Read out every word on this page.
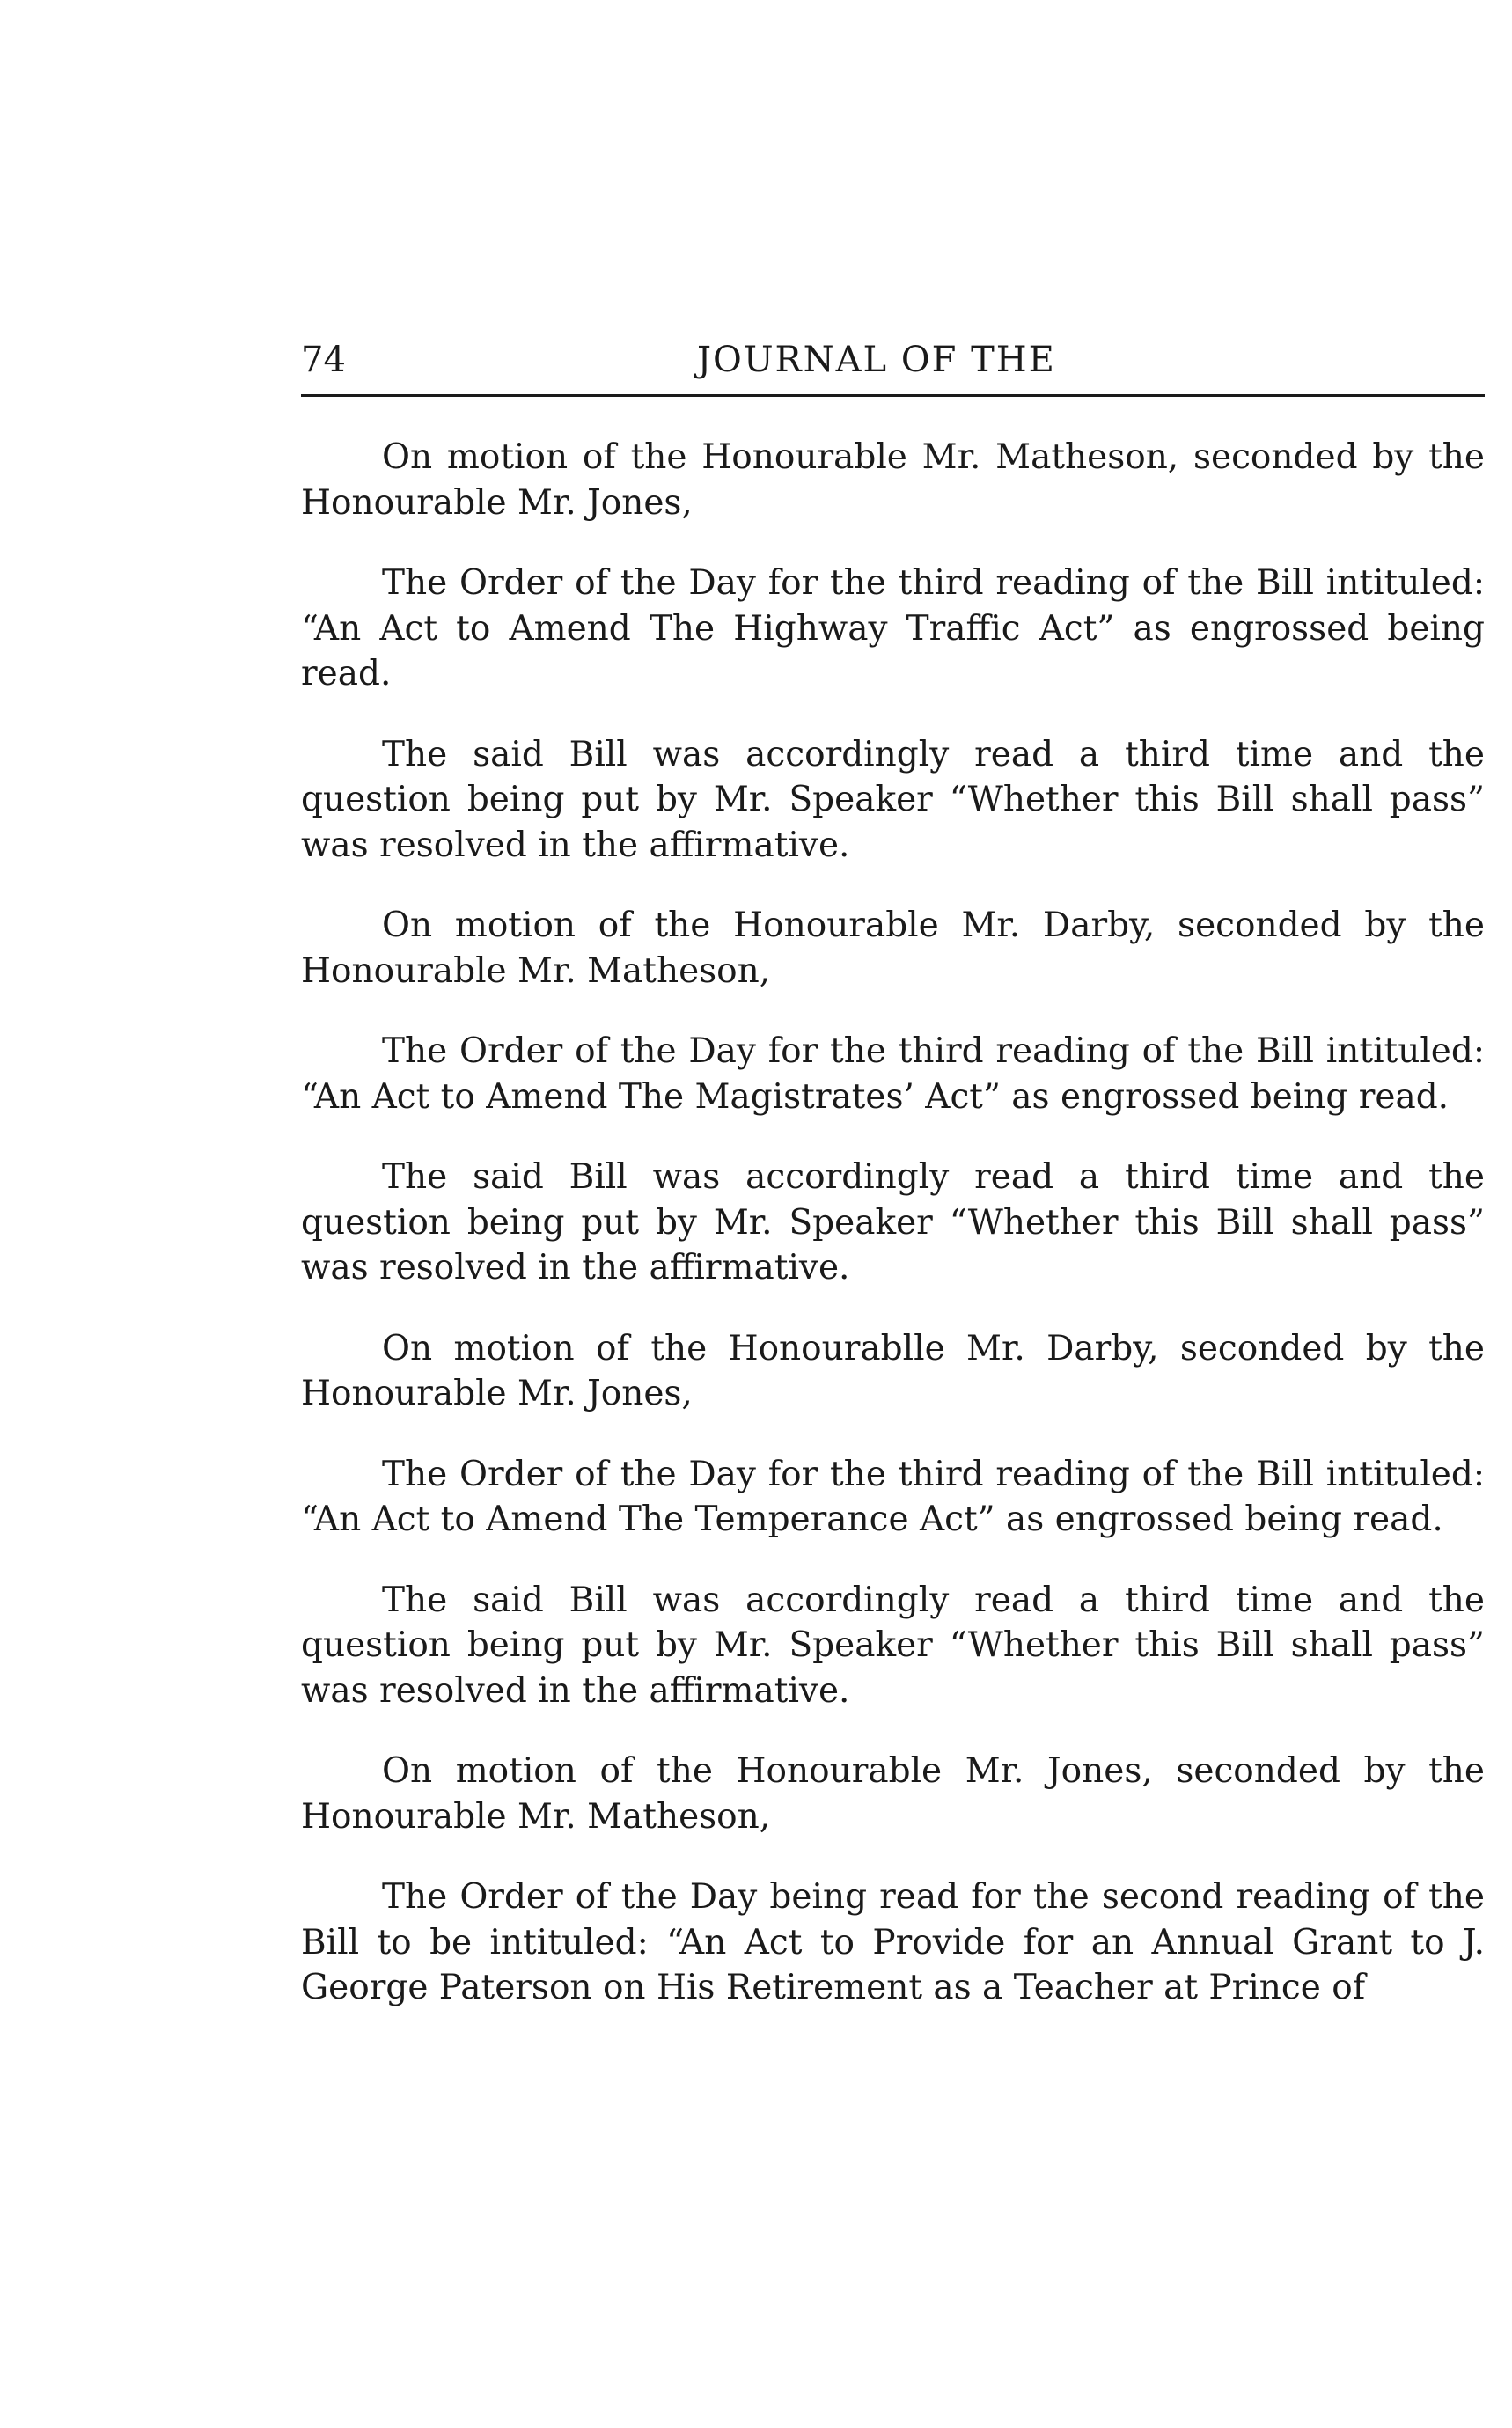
74	JOURNAL OF THE

On motion of the Honourable Mr. Matheson, seconded by the Honourable Mr. Jones,

The Order of the Day for the third reading of the Bill intituled: “An Act to Amend The Highway Traffic Act” as engrossed being read.

The said Bill was accordingly read a third time and the question being put by Mr. Speaker “Whether this Bill shall pass” was resolved in the affirmative.

On motion of the Honourable Mr. Darby, seconded by the Honourable Mr. Matheson,

The Order of the Day for the third reading of the Bill intituled: “An Act to Amend The Magistrates’ Act” as engrossed being read.

The said Bill was accordingly read a third time and the question being put by Mr. Speaker “Whether this Bill shall pass” was resolved in the affirmative.

On motion of the Honourablle Mr. Darby, seconded by the Honourable Mr. Jones,

The Order of the Day for the third reading of the Bill intituled: “An Act to Amend The Temperance Act” as engrossed being read.

The said Bill was accordingly read a third time and the question being put by Mr. Speaker “Whether this Bill shall pass” was resolved in the affirmative.

On motion of the Honourable Mr. Jones, seconded by the Honourable Mr. Matheson,

The Order of the Day being read for the second reading of the Bill to be intituled: “An Act to Provide for an Annual Grant to J. George Paterson on His Retirement as a Teacher at Prince of
